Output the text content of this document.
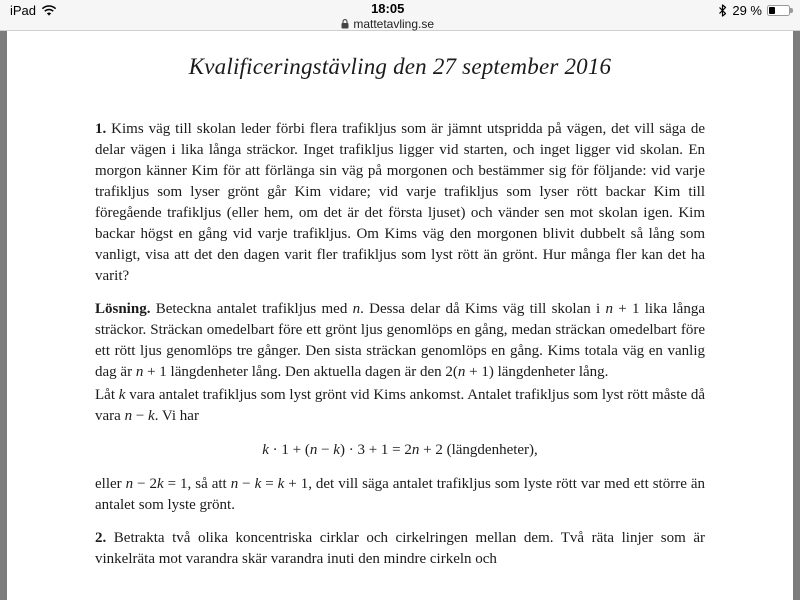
iPad	18:05
mattetavling.se
29 %
Kvalificeringstävling den 27 september 2016

1. Kims väg till skolan leder förbi flera trafikljus som är jämnt utspridda på vägen, det vill säga de delar vägen i lika långa sträckor. Inget trafikljus ligger vid starten, och inget ligger vid skolan. En morgon känner Kim för att förlänga sin väg på morgonen och bestämmer sig för följande: vid varje trafikljus som lyser grönt går Kim vidare; vid varje trafikljus som lyser rött backar Kim till föregående trafikljus (eller hem, om det är det första ljuset) och vänder sen mot skolan igen. Kim backar högst en gång vid varje trafikljus. Om Kims väg den morgonen blivit dubbelt så lång som vanligt, visa att det den dagen varit fler trafikljus som lyst rött än grönt. Hur många fler kan det ha varit?

Lösning. Beteckna antalet trafikljus med n. Dessa delar då Kims väg till skolan i n + 1 lika långa sträckor. Sträckan omedelbart före ett grönt ljus genomlöps en gång, medan sträckan omedelbart före ett rött ljus genomlöps tre gånger. Den sista sträckan genomlöps en gång. Kims totala väg en vanlig dag är n + 1 längdenheter lång. Den aktuella dagen är den 2(n + 1) längdenheter lång.

Låt k vara antalet trafikljus som lyst grönt vid Kims ankomst. Antalet trafikljus som lyst rött måste då vara n − k. Vi har

k · 1 + (n − k) · 3 + 1 = 2n + 2 (längdenheter),

eller n − 2k = 1, så att n − k = k + 1, det vill säga antalet trafikljus som lyste rött var med ett större än antalet som lyste grönt.

2. Betrakta två olika koncentriska cirklar och cirkelringen mellan dem. Två räta linjer som är vinkelräta mot varandra skär varandra inuti den mindre cirkeln och
